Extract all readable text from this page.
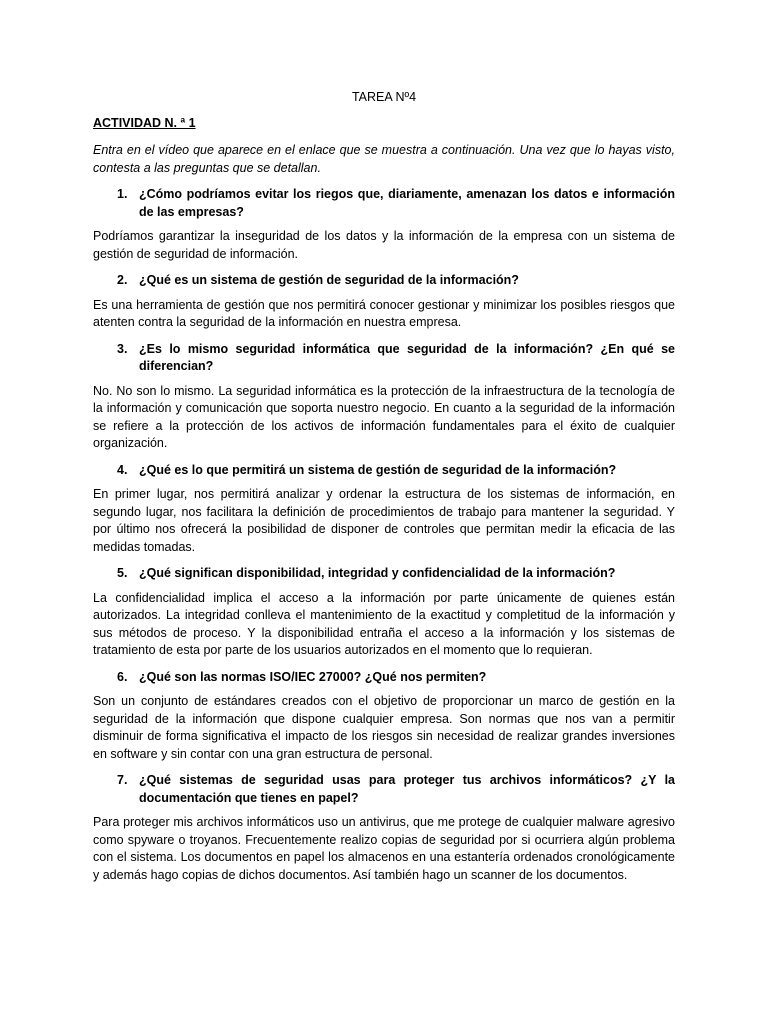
TAREA Nº4
ACTIVIDAD N. ª 1
Entra en el vídeo que aparece en el enlace que se muestra a continuación. Una vez que lo hayas visto, contesta a las preguntas que se detallan.
1. ¿Cómo podríamos evitar los riegos que, diariamente, amenazan los datos e información de las empresas?
Podríamos garantizar la inseguridad de los datos y la información de la empresa con un sistema de gestión de seguridad de información.
2. ¿Qué es un sistema de gestión de seguridad de la información?
Es una herramienta de gestión que nos permitirá conocer gestionar y minimizar los posibles riesgos que atenten contra la seguridad de la información en nuestra empresa.
3. ¿Es lo mismo seguridad informática que seguridad de la información? ¿En qué se diferencian?
No. No son lo mismo. La seguridad informática es la protección de la infraestructura de la tecnología de la información y comunicación que soporta nuestro negocio. En cuanto a la seguridad de la información se refiere a la protección de los activos de información fundamentales para el éxito de cualquier organización.
4. ¿Qué es lo que permitirá un sistema de gestión de seguridad de la información?
En primer lugar, nos permitirá analizar y ordenar la estructura de los sistemas de información, en segundo lugar, nos facilitara la definición de procedimientos de trabajo para mantener la seguridad. Y por último nos ofrecerá la posibilidad de disponer de controles que permitan medir la eficacia de las medidas tomadas.
5. ¿Qué significan disponibilidad, integridad y confidencialidad de la información?
La confidencialidad implica el acceso a la información por parte únicamente de quienes están autorizados. La integridad conlleva el mantenimiento de la exactitud y completitud de la información y sus métodos de proceso. Y la disponibilidad entraña el acceso a la información y los sistemas de tratamiento de esta por parte de los usuarios autorizados en el momento que lo requieran.
6. ¿Qué son las normas ISO/IEC 27000? ¿Qué nos permiten?
Son un conjunto de estándares creados con el objetivo de proporcionar un marco de gestión en la seguridad de la información que dispone cualquier empresa. Son normas que nos van a permitir disminuir de forma significativa el impacto de los riesgos sin necesidad de realizar grandes inversiones en software y sin contar con una gran estructura de personal.
7. ¿Qué sistemas de seguridad usas para proteger tus archivos informáticos? ¿Y la documentación que tienes en papel?
Para proteger mis archivos informáticos uso un antivirus, que me protege de cualquier malware agresivo como spyware o troyanos. Frecuentemente realizo copias de seguridad por si ocurriera algún problema con el sistema. Los documentos en papel los almacenos en una estantería ordenados cronológicamente y además hago copias de dichos documentos. Así también hago un scanner de los documentos.
